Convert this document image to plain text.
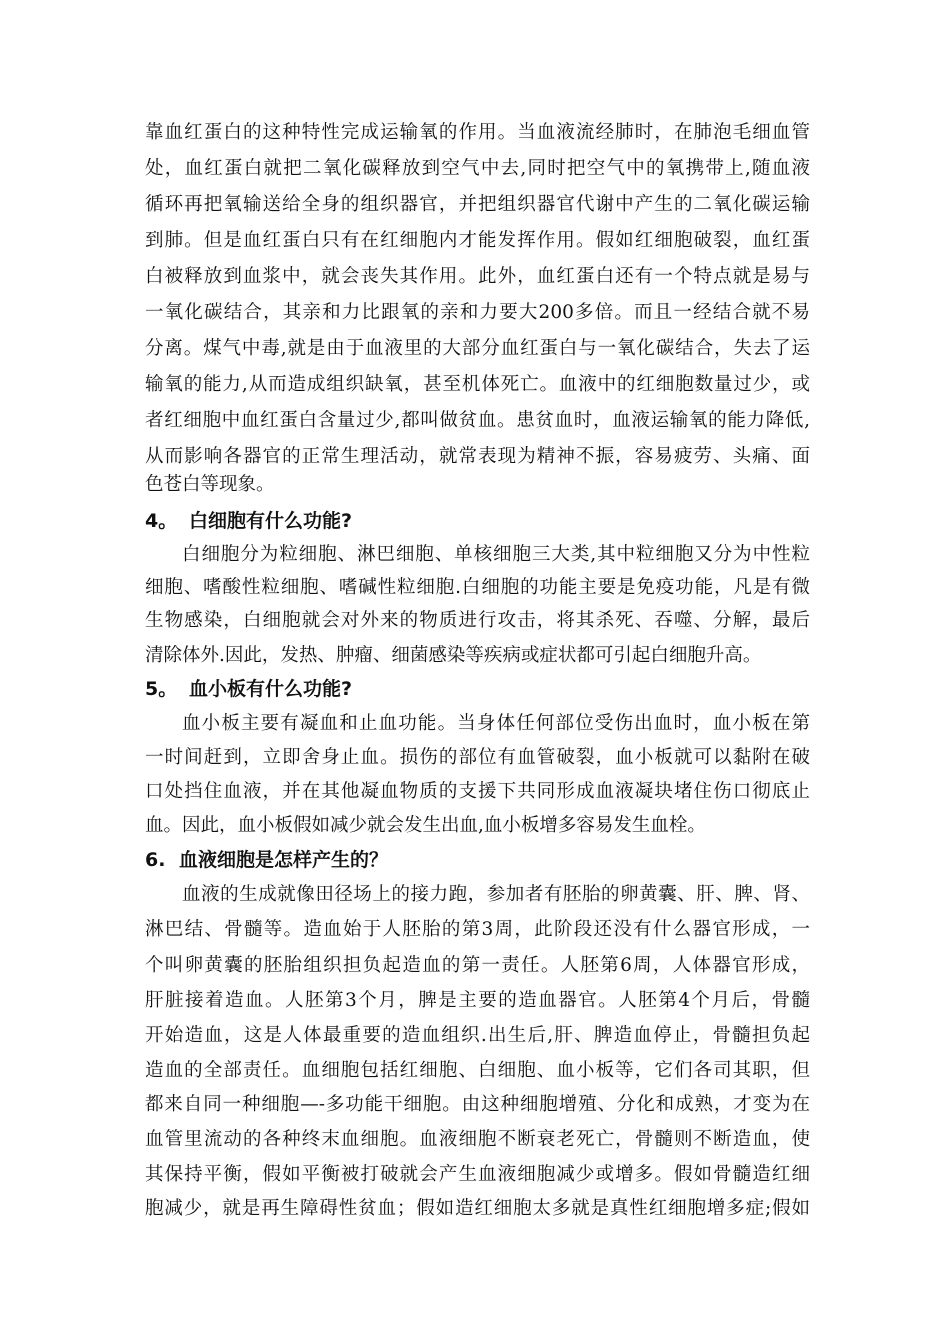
靠血红蛋白的这种特性完成运输氧的作用。当血液流经肺时，在肺泡毛细血管
处，血红蛋白就把二氧化碳释放到空气中去,同时把空气中的氧携带上,随血液
循环再把氧输送给全身的组织器官，并把组织器官代谢中产生的二氧化碳运输
到肺。但是血红蛋白只有在红细胞内才能发挥作用。假如红细胞破裂，血红蛋
白被释放到血浆中，就会丧失其作用。此外，血红蛋白还有一个特点就是易与
一氧化碳结合，其亲和力比跟氧的亲和力要大200多倍。而且一经结合就不易
分离。煤气中毒,就是由于血液里的大部分血红蛋白与一氧化碳结合，失去了运
输氧的能力,从而造成组织缺氧，甚至机体死亡。血液中的红细胞数量过少，或
者红细胞中血红蛋白含量过少,都叫做贫血。患贫血时，血液运输氧的能力降低,
从而影响各器官的正常生理活动，就常表现为精神不振，容易疲劳、头痛、面
色苍白等现象。
4。 白细胞有什么功能?
白细胞分为粒细胞、淋巴细胞、单核细胞三大类,其中粒细胞又分为中性粒
细胞、嗜酸性粒细胞、嗜碱性粒细胞.白细胞的功能主要是免疫功能，凡是有微
生物感染，白细胞就会对外来的物质进行攻击，将其杀死、吞噬、分解，最后
清除体外.因此，发热、肿瘤、细菌感染等疾病或症状都可引起白细胞升高。
5。 血小板有什么功能?
血小板主要有凝血和止血功能。当身体任何部位受伤出血时，血小板在第
一时间赶到，立即舍身止血。损伤的部位有血管破裂，血小板就可以黏附在破
口处挡住血液，并在其他凝血物质的支援下共同形成血液凝块堵住伤口彻底止
血。因此，血小板假如减少就会发生出血,血小板增多容易发生血栓。
6. 血液细胞是怎样产生的？
血液的生成就像田径场上的接力跑，参加者有胚胎的卵黄囊、肝、脾、肾、
淋巴结、骨髓等。造血始于人胚胎的第3周，此阶段还没有什么器官形成，一
个叫卵黄囊的胚胎组织担负起造血的第一责任。人胚第6周，人体器官形成，
肝脏接着造血。人胚第3个月，脾是主要的造血器官。人胚第4个月后，骨髓
开始造血，这是人体最重要的造血组织.出生后,肝、脾造血停止，骨髓担负起
造血的全部责任。血细胞包括红细胞、白细胞、血小板等，它们各司其职，但
都来自同一种细胞—-多功能干细胞。由这种细胞增殖、分化和成熟，才变为在
血管里流动的各种终末血细胞。血液细胞不断衰老死亡，骨髓则不断造血，使
其保持平衡，假如平衡被打破就会产生血液细胞减少或增多。假如骨髓造红细
胞减少，就是再生障碍性贫血；假如造红细胞太多就是真性红细胞增多症;假如
